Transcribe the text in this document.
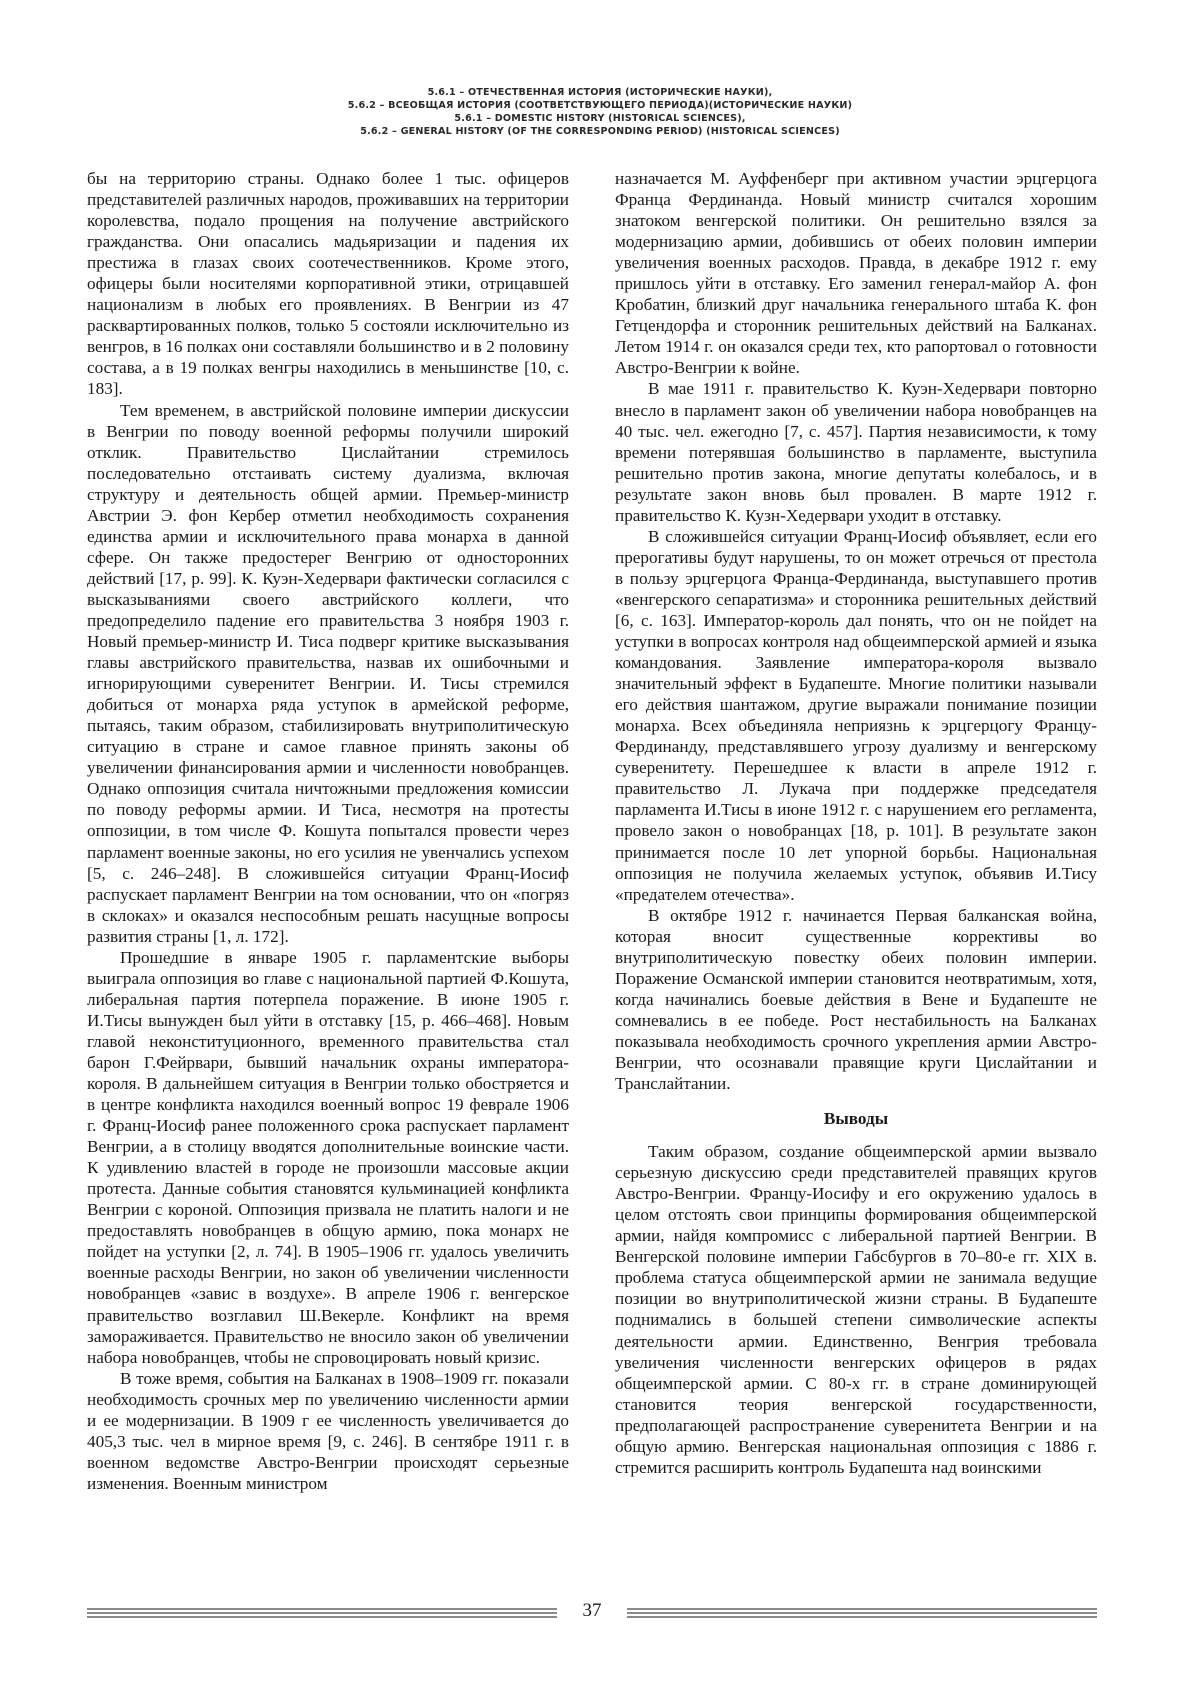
5.6.1 – ОТЕЧЕСТВЕННАЯ ИСТОРИЯ (ИСТОРИЧЕСКИЕ НАУКИ),
5.6.2 – ВСЕОБЩАЯ ИСТОРИЯ (СООТВЕТСТВУЮЩЕГО ПЕРИОДА)(ИСТОРИЧЕСКИЕ НАУКИ)
5.6.1 – DOMESTIC HISTORY (HISTORICAL SCIENCES),
5.6.2 – GENERAL HISTORY (OF THE CORRESPONDING PERIOD) (HISTORICAL SCIENCES)

бы на территорию страны. Однако более 1 тыс. офицеров представителей различных народов, проживавших на территории королевства, подало прощения на получение австрийского гражданства. Они опасались мадьяризации и падения их престижа в глазах своих соотечественников. Кроме этого, офицеры были носителями корпоративной этики, отрицавшей национализм в любых его проявлениях. В Венгрии из 47 расквартированных полков, только 5 состояли исключительно из венгров, в 16 полках они составляли большинство и в 2 половину состава, а в 19 полках венгры находились в меньшинстве [10, с. 183].

Тем временем, в австрийской половине империи дискуссии в Венгрии по поводу военной реформы получили широкий отклик. Правительство Цислайтании стремилось последовательно отстаивать систему дуализма, включая структуру и деятельность общей армии. Премьер-министр Австрии Э. фон Кербер отметил необходимость сохранения единства армии и исключительного права монарха в данной сфере. Он также предостерег Венгрию от односторонних действий [17, p. 99]. К. Куэн-Хедервари фактически согласился с высказываниями своего австрийского коллеги, что предопределило падение его правительства 3 ноября 1903 г. Новый премьер-министр И. Тиса подверг критике высказывания главы австрийского правительства, назвав их ошибочными и игнорирующими суверенитет Венгрии. И. Тисы стремился добиться от монарха ряда уступок в армейской реформе, пытаясь, таким образом, стабилизировать внутриполитическую ситуацию в стране и самое главное принять законы об увеличении финансирования армии и численности новобранцев. Однако оппозиция считала ничтожными предложения комиссии по поводу реформы армии. И Тиса, несмотря на протесты оппозиции, в том числе Ф. Кошута попытался провести через парламент военные законы, но его усилия не увенчались успехом [5, с. 246–248]. В сложившейся ситуации Франц-Иосиф распускает парламент Венгрии на том основании, что он «погряз в склоках» и оказался неспособным решать насущные вопросы развития страны [1, л. 172].

Прошедшие в январе 1905 г. парламентские выборы выиграла оппозиция во главе с национальной партией Ф.Кошута, либеральная партия потерпела поражение. В июне 1905 г. И.Тисы вынужден был уйти в отставку [15, p. 466–468]. Новым главой неконституционного, временного правительства стал барон Г.Фейрвари, бывший начальник охраны императора-короля. В дальнейшем ситуация в Венгрии только обостряется и в центре конфликта находился военный вопрос 19 феврале 1906 г. Франц-Иосиф ранее положенного срока распускает парламент Венгрии, а в столицу вводятся дополнительные воинские части. К удивлению властей в городе не произошли массовые акции протеста. Данные события становятся кульминацией конфликта Венгрии с короной. Оппозиция призвала не платить налоги и не предоставлять новобранцев в общую армию, пока монарх не пойдет на уступки [2, л. 74]. В 1905–1906 гг. удалось увеличить военные расходы Венгрии, но закон об увеличении численности новобранцев «завис в воздухе». В апреле 1906 г. венгерское правительство возглавил Ш.Векерле. Конфликт на время замораживается. Правительство не вносило закон об увеличении набора новобранцев, чтобы не спровоцировать новый кризис.

В тоже время, события на Балканах в 1908–1909 гг. показали необходимость срочных мер по увеличению численности армии и ее модернизации. В 1909 г ее численность увеличивается до 405,3 тыс. чел в мирное время [9, с. 246]. В сентябре 1911 г. в военном ведомстве Австро-Венгрии происходят серьезные изменения. Военным министром

назначается М. Ауффенберг при активном участии эрцгерцога Франца Фердинанда. Новый министр считался хорошим знатоком венгерской политики. Он решительно взялся за модернизацию армии, добившись от обеих половин империи увеличения военных расходов. Правда, в декабре 1912 г. ему пришлось уйти в отставку. Его заменил генерал-майор А. фон Кробатин, близкий друг начальника генерального штаба К. фон Гетцендорфа и сторонник решительных действий на Балканах. Летом 1914 г. он оказался среди тех, кто рапортовал о готовности Австро-Венгрии к войне.

В мае 1911 г. правительство К. Куэн-Хедервари повторно внесло в парламент закон об увеличении набора новобранцев на 40 тыс. чел. ежегодно [7, с. 457]. Партия независимости, к тому времени потерявшая большинство в парламенте, выступила решительно против закона, многие депутаты колебалось, и в результате закон вновь был провален. В марте 1912 г. правительство К. Кузн-Хедервари уходит в отставку.

В сложившейся ситуации Франц-Иосиф объявляет, если его прерогативы будут нарушены, то он может отречься от престола в пользу эрцгерцога Франца-Фердинанда, выступавшего против «венгерского сепаратизма» и сторонника решительных действий [6, с. 163]. Император-король дал понять, что он не пойдет на уступки в вопросах контроля над общеимперской армией и языка командования. Заявление императора-короля вызвало значительный эффект в Будапеште. Многие политики называли его действия шантажом, другие выражали понимание позиции монарха. Всех объединяла неприязнь к эрцгерцогу Францу-Фердинанду, представлявшего угрозу дуализму и венгерскому суверенитету. Перешедшее к власти в апреле 1912 г. правительство Л. Лукача при поддержке председателя парламента И.Тисы в июне 1912 г. с нарушением его регламента, провело закон о новобранцах [18, p. 101]. В результате закон принимается после 10 лет упорной борьбы. Национальная оппозиция не получила желаемых уступок, объявив И.Тису «предателем отечества».

В октябре 1912 г. начинается Первая балканская война, которая вносит существенные коррективы во внутриполитическую повестку обеих половин империи. Поражение Османской империи становится неотвратимым, хотя, когда начинались боевые действия в Вене и Будапеште не сомневались в ее победе. Рост нестабильность на Балканах показывала необходимость срочного укрепления армии Австро-Венгрии, что осознавали правящие круги Цислайтании и Транслайтании.

Выводы

Таким образом, создание общеимперской армии вызвало серьезную дискуссию среди представителей правящих кругов Австро-Венгрии. Францу-Иосифу и его окружению удалось в целом отстоять свои принципы формирования общеимперской армии, найдя компромисс с либеральной партией Венгрии. В Венгерской половине империи Габсбургов в 70–80-е гг. XIX в. проблема статуса общеимперской армии не занимала ведущие позиции во внутриполитической жизни страны. В Будапеште поднимались в большей степени символические аспекты деятельности армии. Единственно, Венгрия требовала увеличения численности венгерских офицеров в рядах общеимперской армии. С 80-х гг. в стране доминирующей становится теория венгерской государственности, предполагающей распространение суверенитета Венгрии и на общую армию. Венгерская национальная оппозиция с 1886 г. стремится расширить контроль Будапешта над воинскими

37
